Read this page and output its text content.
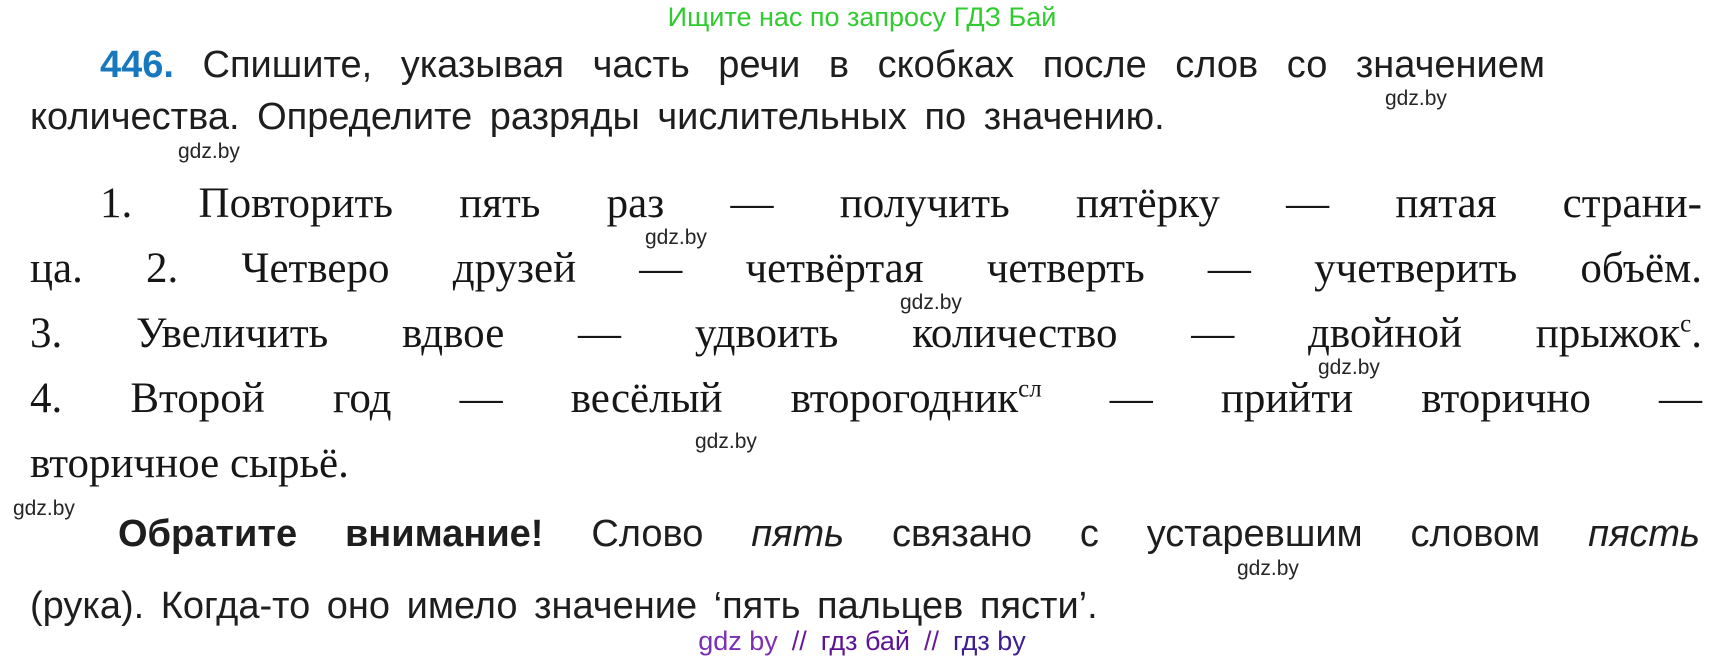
Ищите нас по запросу ГДЗ Бай
446. Спишите, указывая часть речи в скобках после слов со значением
количества. Определите разряды числительных по значению.
1. Повторить пять раз — получить пятёрку — пятая страни-
ца. 2. Четверо друзей — четвёртая четверть — учетверить объём.
3. Увеличить вдвое — удвоить количество — двойной прыжок$^с$.
4. Второй год — весёлый второгодник$^{сл}$ — прийти вторично —
вторичное сырьё.
Обратите внимание! Слово пять связано с устаревшим словом пясть
(рука). Когда-то оно имело значение ‘пять пальцев пясти’.
gdz.by
gdz.by
gdz.by
gdz.by
gdz.by
gdz.by
gdz.by
gdz.by
gdz by // гдз бай // гдз by
